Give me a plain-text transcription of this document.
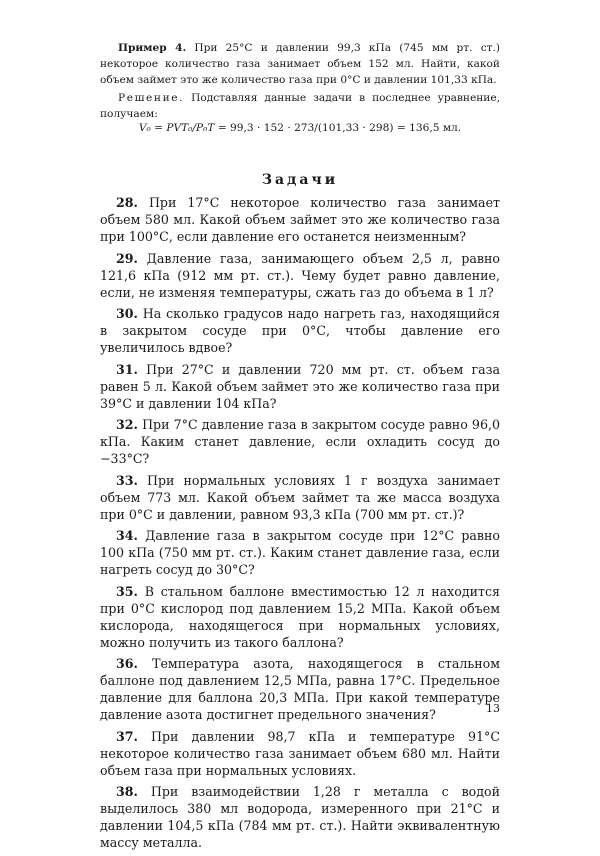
Пример 4. При 25°С и давлении 99,3 кПа (745 мм рт. ст.) некоторое количество газа занимает объем 152 мл. Найти, какой объем займет это же количество газа при 0°С и давлении 101,33 кПа.

Решение. Подставляя данные задачи в последнее уравнение, получаем:

V₀ = PVT₀/P₀T = 99,3 · 152 · 273/(101,33 · 298) = 136,5 мл.
Задачи

28. При 17°С некоторое количество газа занимает объем 580 мл. Какой объем займет это же количество газа при 100°С, если давление его останется неизменным?

29. Давление газа, занимающего объем 2,5 л, равно 121,6 кПа (912 мм рт. ст.). Чему будет равно давление, если, не изменяя температуры, сжать газ до объема в 1 л?

30. На сколько градусов надо нагреть газ, находящийся в закрытом сосуде при 0°С, чтобы давление его увеличилось вдвое?

31. При 27°С и давлении 720 мм рт. ст. объем газа равен 5 л. Какой объем займет это же количество газа при 39°С и давлении 104 кПа?

32. При 7°С давление газа в закрытом сосуде равно 96,0 кПа. Каким станет давление, если охладить сосуд до −33°С?

33. При нормальных условиях 1 г воздуха занимает объем 773 мл. Какой объем займет та же масса воздуха при 0°С и давлении, равном 93,3 кПа (700 мм рт. ст.)?

34. Давление газа в закрытом сосуде при 12°С равно 100 кПа (750 мм рт. ст.). Каким станет давление газа, если нагреть сосуд до 30°С?

35. В стальном баллоне вместимостью 12 л находится при 0°С кислород под давлением 15,2 МПа. Какой объем кислорода, находящегося при нормальных условиях, можно получить из такого баллона?

36. Температура азота, находящегося в стальном баллоне под давлением 12,5 МПа, равна 17°С. Предельное давление для баллона 20,3 МПа. При какой температуре давление азота достигнет предельного значения?

37. При давлении 98,7 кПа и температуре 91°С некоторое количество газа занимает объем 680 мл. Найти объем газа при нормальных условиях.

38. При взаимодействии 1,28 г металла с водой выделилось 380 мл водорода, измеренного при 21°С и давлении 104,5 кПа (784 мм рт. ст.). Найти эквивалентную массу металла.

13
